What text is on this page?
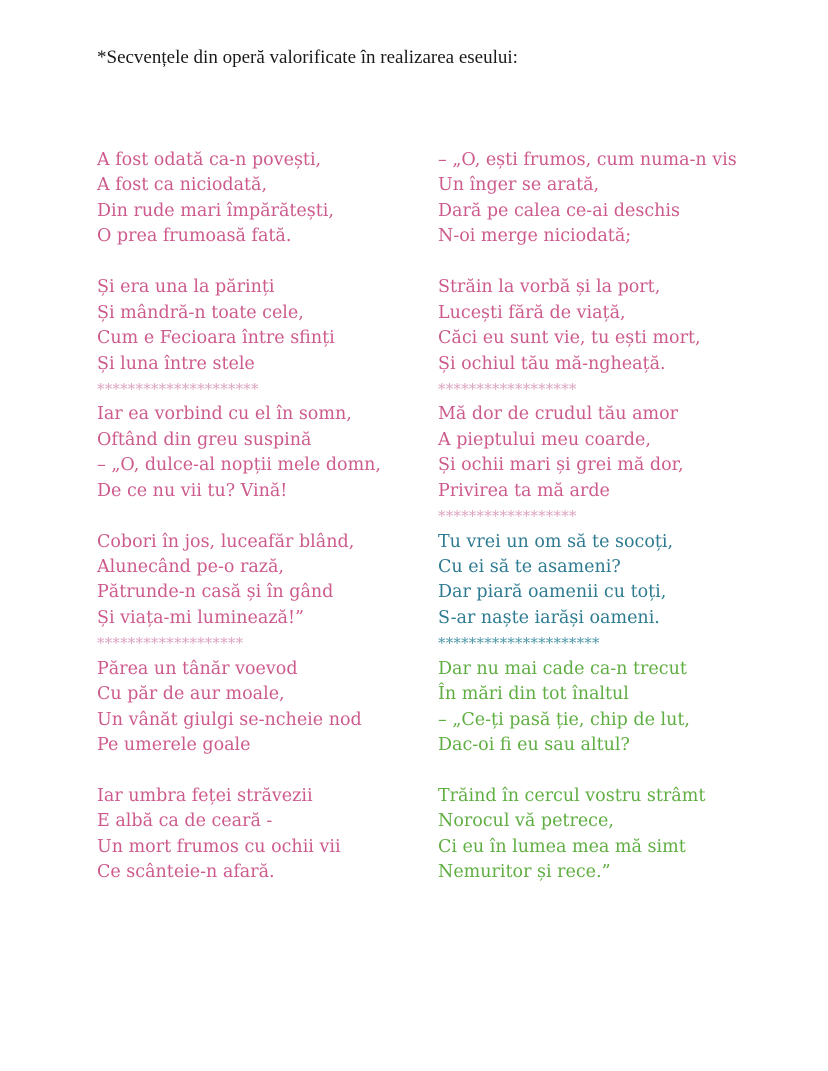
*Secvențele din operă valorificate în realizarea eseului:
A fost odată ca-n povești,
A fost ca niciodată,
Din rude mari împărătești,
O prea frumoasă fată.
Și era una la părinți
Și mândră-n toate cele,
Cum e Fecioara între sfinți
Și luna între stele
*********************
Iar ea vorbind cu el în somn,
Oftând din greu suspină
– „O, dulce-al nopții mele domn,
De ce nu vii tu? Vină!
Cobori în jos, luceafăr blând,
Alunecând pe-o rază,
Pătrunde-n casă și în gând
Și viața-mi luminează!”
*******************
Părea un tânăr voevod
Cu păr de aur moale,
Un vânăt giulgi se-ncheie nod
Pe umerele goale
Iar umbra feței străvezii
E albă ca de ceară -
Un mort frumos cu ochii vii
Ce scânteie-n afară.
– „O, ești frumos, cum numa-n vis
Un înger se arată,
Dară pe calea ce-ai deschis
N-oi merge niciodată;
Străin la vorbă și la port,
Lucești fără de viață,
Căci eu sunt vie, tu ești mort,
Și ochiul tău mă-ngheață.
******************
Mă dor de crudul tău amor
A pieptului meu coarde,
Și ochii mari și grei mă dor,
Privirea ta mă arde
******************
Tu vrei un om să te socoți,
Cu ei să te asameni?
Dar piară oamenii cu toți,
S-ar naște iarăși oameni.
*********************
Dar nu mai cade ca-n trecut
În mări din tot înaltul
– „Ce-ți pasă ție, chip de lut,
Dac-oi fi eu sau altul?
Trăind în cercul vostru strâmt
Norocul vă petrece,
Ci eu în lumea mea mă simt
Nemuritor și rece.”
